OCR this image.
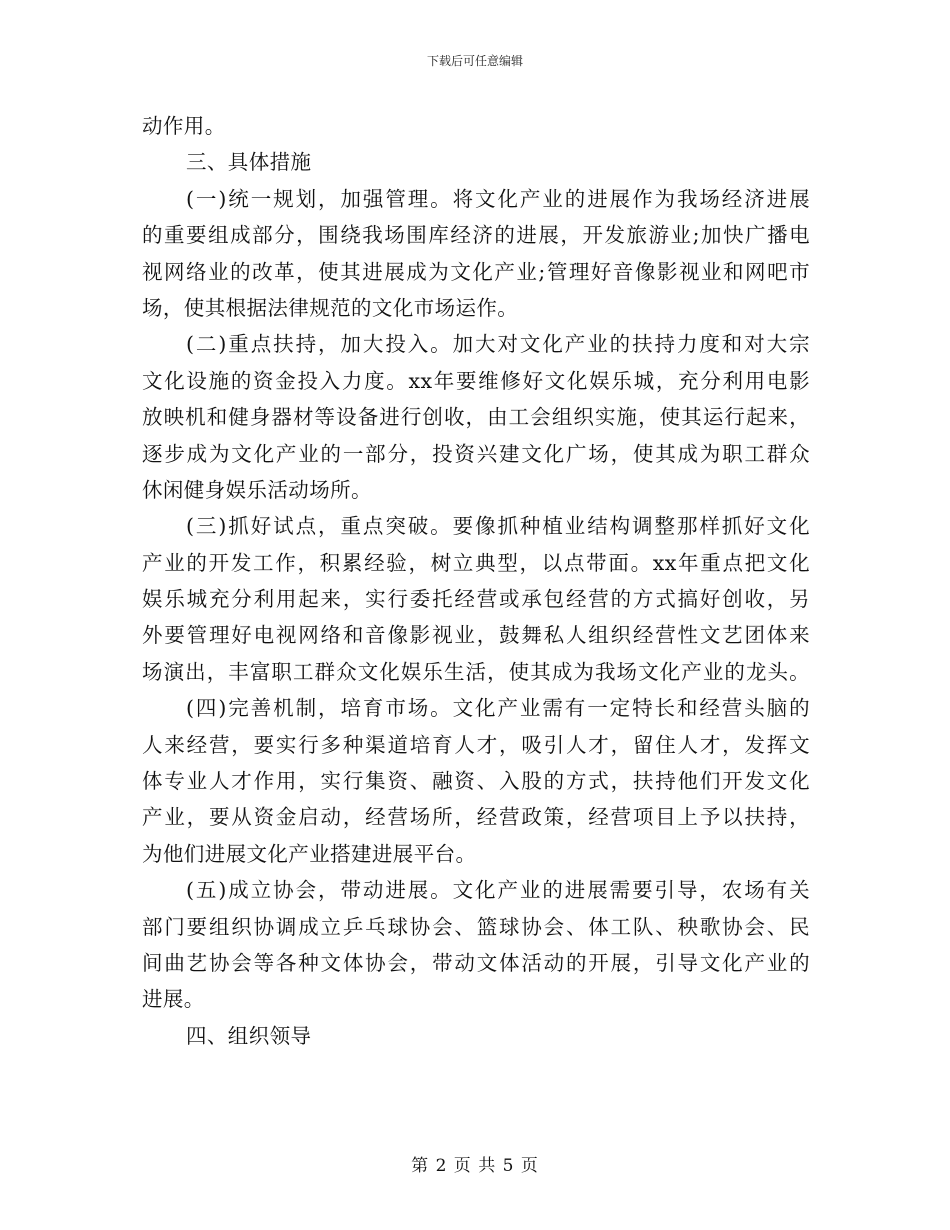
下载后可任意编辑
动作用。
三、具体措施
(一)统一规划，加强管理。将文化产业的进展作为我场经济进展
的重要组成部分，围绕我场围库经济的进展，开发旅游业;加快广播电
视网络业的改革，使其进展成为文化产业;管理好音像影视业和网吧市
场，使其根据法律规范的文化市场运作。
(二)重点扶持，加大投入。加大对文化产业的扶持力度和对大宗
文化设施的资金投入力度。xx年要维修好文化娱乐城，充分利用电影
放映机和健身器材等设备进行创收，由工会组织实施，使其运行起来，
逐步成为文化产业的一部分，投资兴建文化广场，使其成为职工群众
休闲健身娱乐活动场所。
(三)抓好试点，重点突破。要像抓种植业结构调整那样抓好文化
产业的开发工作，积累经验，树立典型，以点带面。xx年重点把文化
娱乐城充分利用起来，实行委托经营或承包经营的方式搞好创收，另
外要管理好电视网络和音像影视业，鼓舞私人组织经营性文艺团体来
场演出，丰富职工群众文化娱乐生活，使其成为我场文化产业的龙头。
(四)完善机制，培育市场。文化产业需有一定特长和经营头脑的
人来经营，要实行多种渠道培育人才，吸引人才，留住人才，发挥文
体专业人才作用，实行集资、融资、入股的方式，扶持他们开发文化
产业，要从资金启动，经营场所，经营政策，经营项目上予以扶持，
为他们进展文化产业搭建进展平台。
(五)成立协会，带动进展。文化产业的进展需要引导，农场有关
部门要组织协调成立乒乓球协会、篮球协会、体工队、秧歌协会、民
间曲艺协会等各种文体协会，带动文体活动的开展，引导文化产业的
进展。
四、组织领导
第 2 页 共 5 页
